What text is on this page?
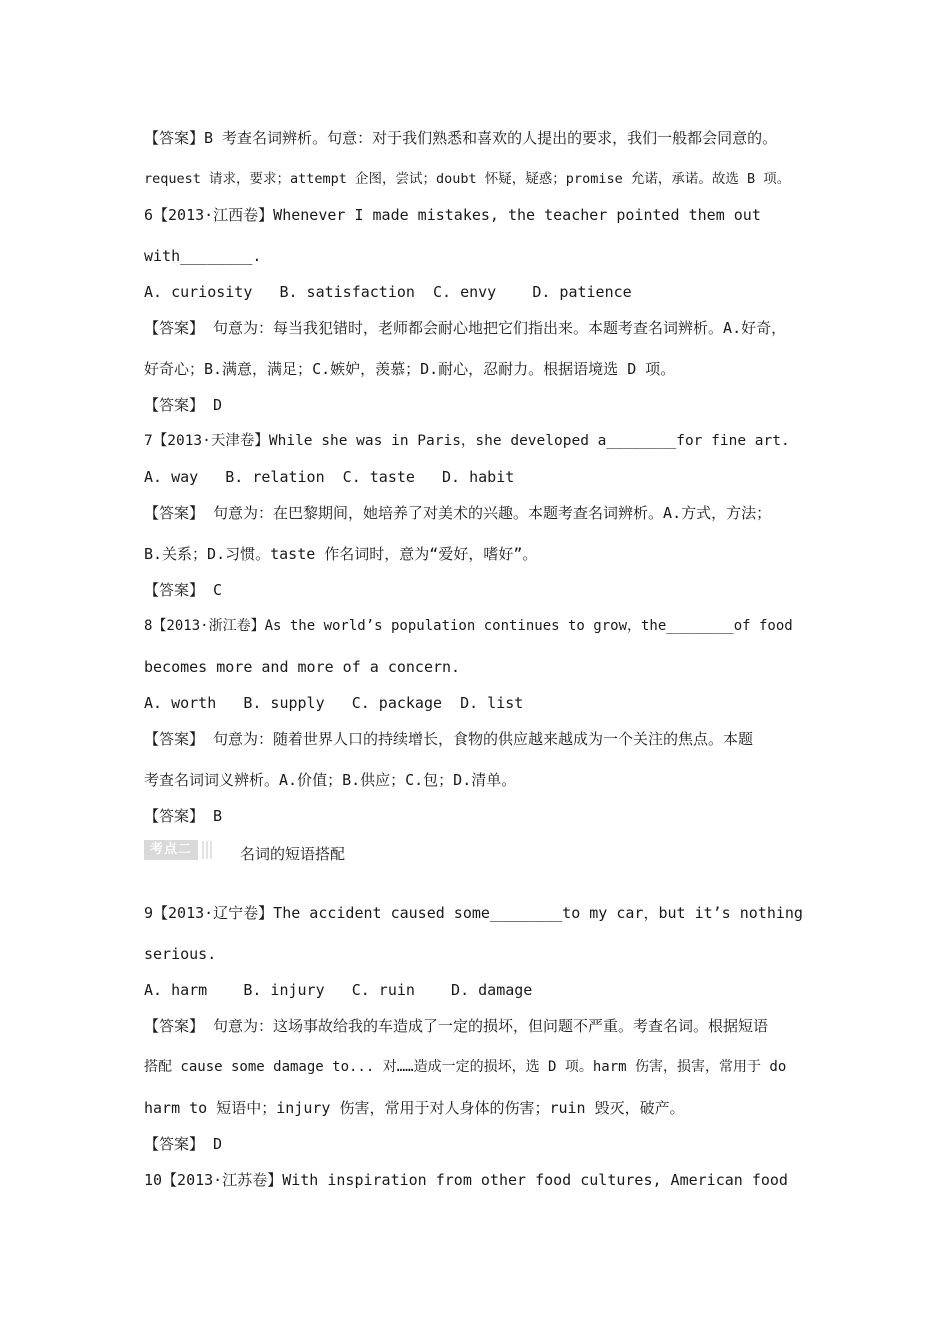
【答案】B 考查名词辨析。句意：对于我们熟悉和喜欢的人提出的要求，我们一般都会同意的。
request 请求，要求；attempt 企图，尝试；doubt 怀疑，疑惑；promise 允诺，承诺。故选 B 项。
6【2013·江西卷】Whenever I made mistakes, the teacher pointed them out
with________.
A. curiosity   B. satisfaction  C. envy    D. patience
【答案】 句意为：每当我犯错时，老师都会耐心地把它们指出来。本题考查名词辨析。A.好奇，
好奇心；B.满意，满足；C.嫉妒，羡慕；D.耐心，忍耐力。根据语境选 D 项。
【答案】 D
7【2013·天津卷】While she was in Paris，she developed a________for fine art.
A. way   B. relation  C. taste   D. habit
【答案】 句意为：在巴黎期间，她培养了对美术的兴趣。本题考查名词辨析。A.方式，方法；
B.关系；D.习惯。taste 作名词时，意为“爱好，嗜好”。
【答案】 C
8【2013·浙江卷】As the world’s population continues to grow，the________of food
becomes more and more of a concern.
A. worth   B. supply   C. package  D. list
【答案】 句意为：随着世界人口的持续增长，食物的供应越来越成为一个关注的焦点。本题
考查名词词义辨析。A.价值；B.供应；C.包；D.清单。
【答案】 B
考点二	名词的短语搭配
9【2013·辽宁卷】The accident caused some________to my car，but it’s nothing
serious.
A. harm    B. injury   C. ruin    D. damage
【答案】 句意为：这场事故给我的车造成了一定的损坏，但问题不严重。考查名词。根据短语
搭配 cause some damage to... 对……造成一定的损坏，选 D 项。harm 伤害，损害，常用于 do
harm to 短语中；injury 伤害，常用于对人身体的伤害；ruin 毁灭，破产。
【答案】 D
10【2013·江苏卷】With inspiration from other food cultures, American food
